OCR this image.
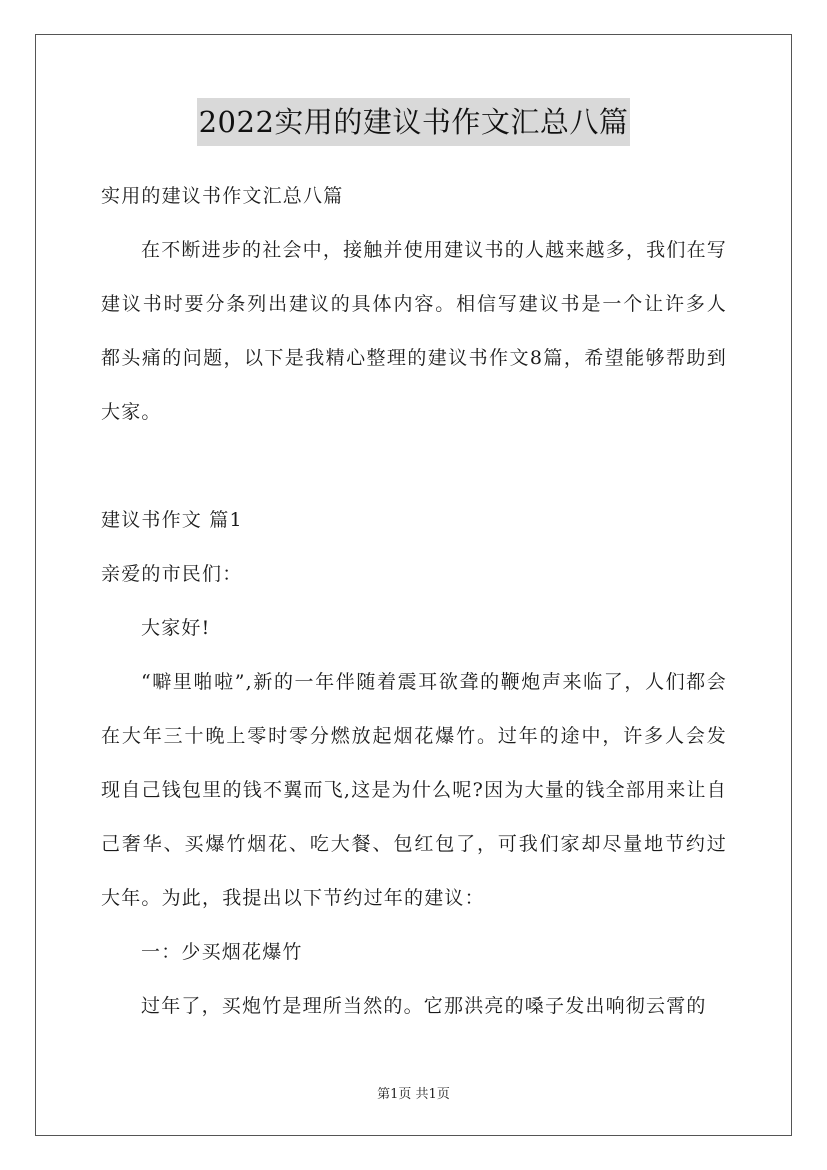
2022实用的建议书作文汇总八篇

实用的建议书作文汇总八篇

在不断进步的社会中，接触并使用建议书的人越来越多，我们在写建议书时要分条列出建议的具体内容。相信写建议书是一个让许多人都头痛的问题，以下是我精心整理的建议书作文8篇，希望能够帮助到大家。

建议书作文 篇1

亲爱的市民们：

大家好!

“噼里啪啦”,新的一年伴随着震耳欲聋的鞭炮声来临了，人们都会在大年三十晚上零时零分燃放起烟花爆竹。过年的途中，许多人会发现自己钱包里的钱不翼而飞,这是为什么呢?因为大量的钱全部用来让自己奢华、买爆竹烟花、吃大餐、包红包了，可我们家却尽量地节约过大年。为此，我提出以下节约过年的建议：

一：少买烟花爆竹

过年了，买炮竹是理所当然的。它那洪亮的嗓子发出响彻云霄的

第1页 共1页
